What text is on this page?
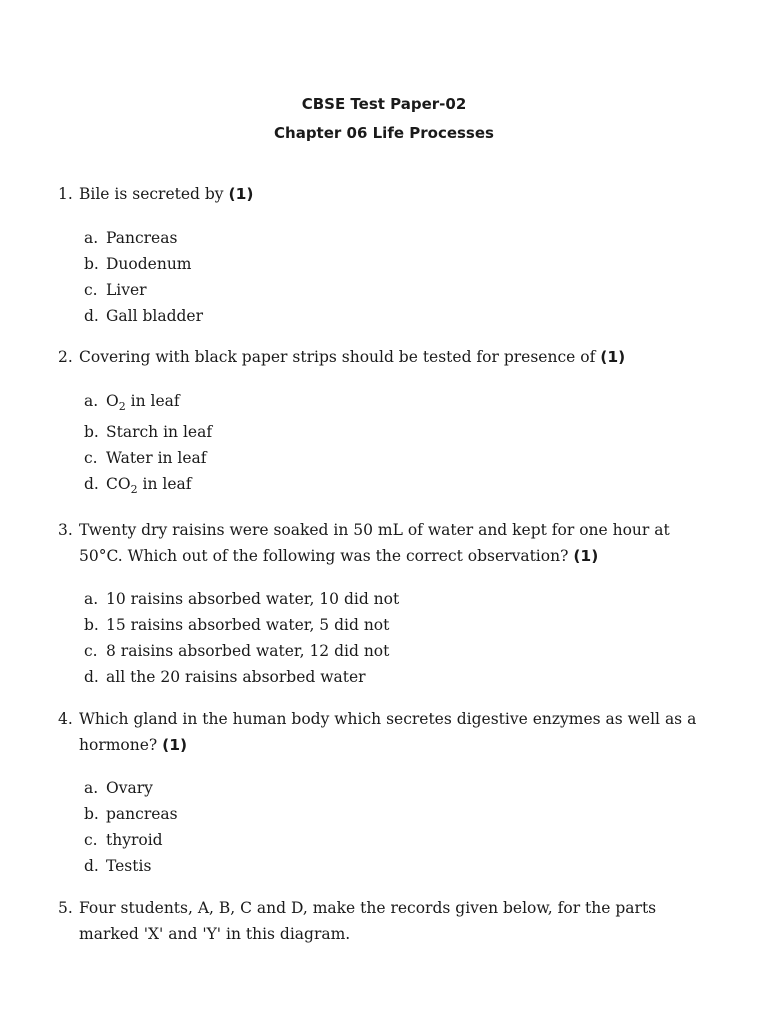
CBSE Test Paper-02
Chapter 06 Life Processes
1. Bile is secreted by (1)
a. Pancreas
b. Duodenum
c. Liver
d. Gall bladder
2. Covering with black paper strips should be tested for presence of (1)
a. $O_2$ in leaf
b. Starch in leaf
c. Water in leaf
d. $CO_2$ in leaf
3. Twenty dry raisins were soaked in 50 mL of water and kept for one hour at 50°C. Which out of the following was the correct observation? (1)
a. 10 raisins absorbed water, 10 did not
b. 15 raisins absorbed water, 5 did not
c. 8 raisins absorbed water, 12 did not
d. all the 20 raisins absorbed water
4. Which gland in the human body which secretes digestive enzymes as well as a hormone? (1)
a. Ovary
b. pancreas
c. thyroid
d. Testis
5. Four students, A, B, C and D, make the records given below, for the parts marked 'X' and 'Y' in this diagram.
